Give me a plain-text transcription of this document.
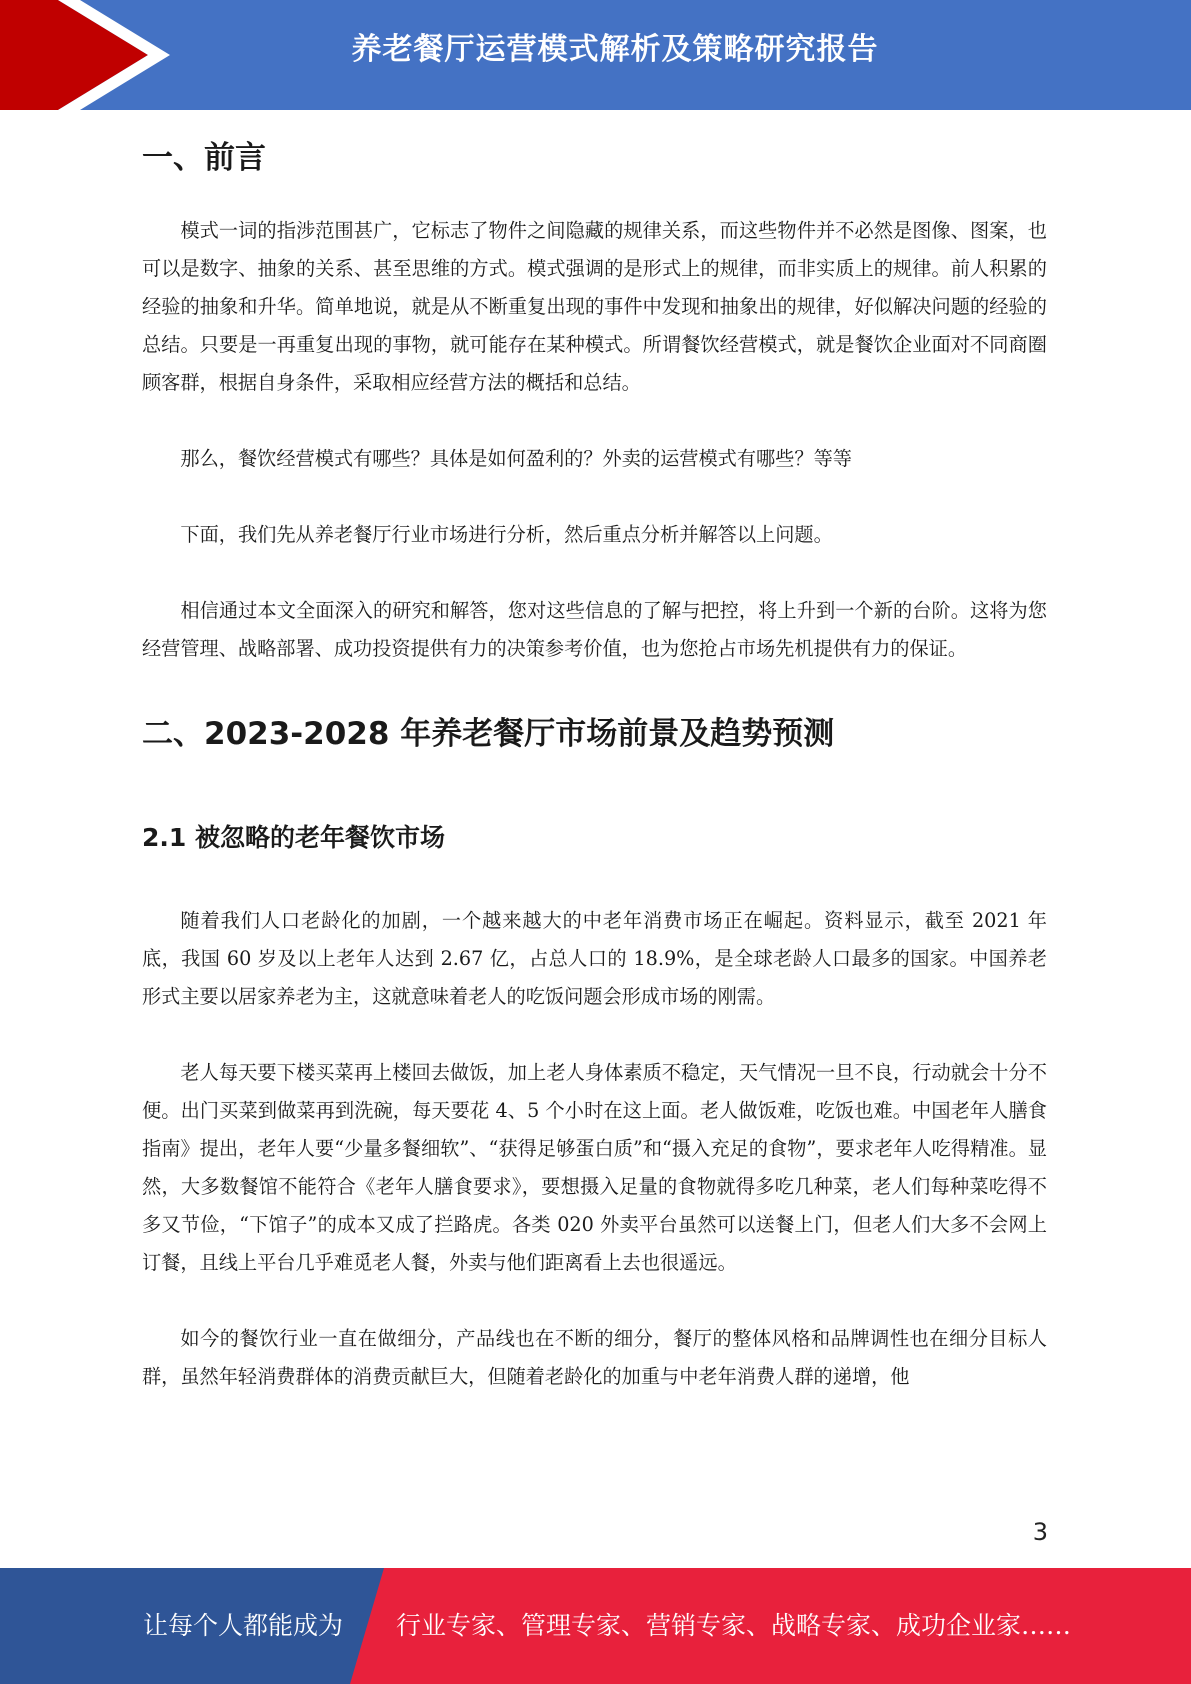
养老餐厅运营模式解析及策略研究报告
一、前言

模式一词的指涉范围甚广，它标志了物件之间隐藏的规律关系，而这些物件并不必然是图像、图案，也可以是数字、抽象的关系、甚至思维的方式。模式强调的是形式上的规律，而非实质上的规律。前人积累的经验的抽象和升华。简单地说，就是从不断重复出现的事件中发现和抽象出的规律，好似解决问题的经验的总结。只要是一再重复出现的事物，就可能存在某种模式。所谓餐饮经营模式，就是餐饮企业面对不同商圈顾客群，根据自身条件，采取相应经营方法的概括和总结。

那么，餐饮经营模式有哪些？具体是如何盈利的？外卖的运营模式有哪些？等等

下面，我们先从养老餐厅行业市场进行分析，然后重点分析并解答以上问题。

相信通过本文全面深入的研究和解答，您对这些信息的了解与把控，将上升到一个新的台阶。这将为您经营管理、战略部署、成功投资提供有力的决策参考价值，也为您抢占市场先机提供有力的保证。

二、2023-2028 年养老餐厅市场前景及趋势预测
2.1 被忽略的老年餐饮市场

随着我们人口老龄化的加剧，一个越来越大的中老年消费市场正在崛起。资料显示，截至 2021 年底，我国 60 岁及以上老年人达到 2.67 亿，占总人口的 18.9%，是全球老龄人口最多的国家。中国养老形式主要以居家养老为主，这就意味着老人的吃饭问题会形成市场的刚需。

老人每天要下楼买菜再上楼回去做饭，加上老人身体素质不稳定，天气情况一旦不良，行动就会十分不便。出门买菜到做菜再到洗碗，每天要花 4、5 个小时在这上面。老人做饭难，吃饭也难。中国老年人膳食指南》提出，老年人要“少量多餐细软”、“获得足够蛋白质”和“摄入充足的食物”，要求老年人吃得精准。显然，大多数餐馆不能符合《老年人膳食要求》，要想摄入足量的食物就得多吃几种菜，老人们每种菜吃得不多又节俭，“下馆子”的成本又成了拦路虎。各类 020 外卖平台虽然可以送餐上门，但老人们大多不会网上订餐，且线上平台几乎难觅老人餐，外卖与他们距离看上去也很遥远。

如今的餐饮行业一直在做细分，产品线也在不断的细分，餐厅的整体风格和品牌调性也在细分目标人群，虽然年轻消费群体的消费贡献巨大，但随着老龄化的加重与中老年消费人群的递增，他

3
让每个人都能成为 行业专家、管理专家、营销专家、战略专家、成功企业家……
